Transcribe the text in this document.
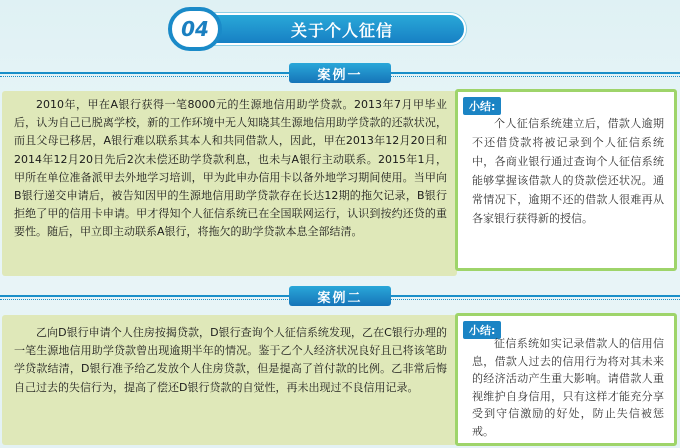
04	关于个人征信
案例一
2010年，甲在A银行获得一笔8000元的生源地信用助学贷款。2013年7月甲毕业后，认为自己已脱离学校，新的工作环境中无人知晓其生源地信用助学贷款的还款状况，而且父母已移居，A银行难以联系其本人和共同借款人，因此，甲在2013年12月20日和2014年12月20日先后2次未偿还助学贷款利息，也未与A银行主动联系。2015年1月，甲所在单位准备派甲去外地学习培训，甲为此申办信用卡以备外地学习期间使用。当甲向B银行递交申请后，被告知因甲的生源地信用助学贷款存在长达12期的拖欠记录，B银行拒绝了甲的信用卡申请。甲才得知个人征信系统已在全国联网运行，认识到按约还贷的重要性。随后，甲立即主动联系A银行，将拖欠的助学贷款本息全部结清。
小结:
个人征信系统建立后，借款人逾期不还借贷款将被记录到个人征信系统中，各商业银行通过查询个人征信系统能够掌握该借款人的贷款偿还状况。通常情况下，逾期不还的借款人很难再从各家银行获得新的授信。
案例二
乙向D银行申请个人住房按揭贷款，D银行查询个人征信系统发现，乙在C银行办理的一笔生源地信用助学贷款曾出现逾期半年的情况。鉴于乙个人经济状况良好且已将该笔助学贷款结清，D银行准予给乙发放个人住房贷款，但是提高了首付款的比例。乙非常后悔自己过去的失信行为，提高了偿还D银行贷款的自觉性，再未出现过不良信用记录。
小结:
征信系统如实记录借款人的信用信息，借款人过去的信用行为将对其未来的经济活动产生重大影响。请借款人重视维护自身信用，只有这样才能充分享受到守信激励的好处，防止失信被惩戒。
